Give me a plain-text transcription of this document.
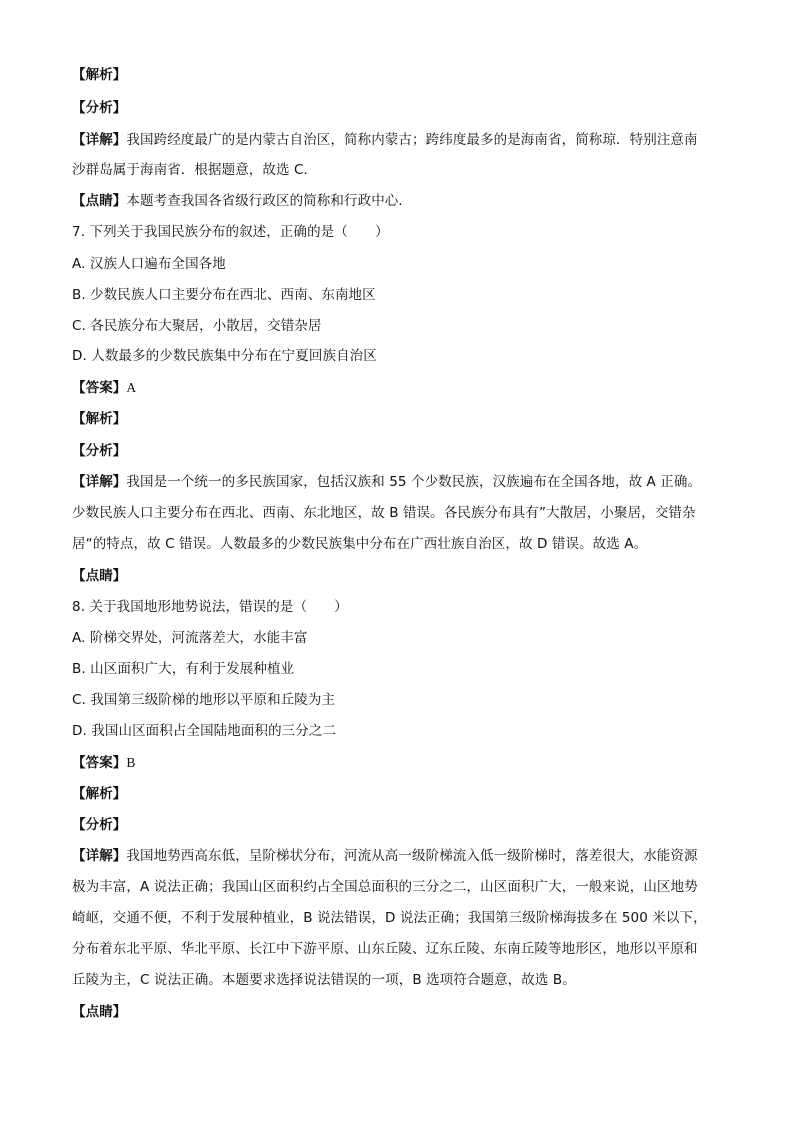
【解析】
【分析】
【详解】我国跨经度最广的是内蒙古自治区，简称内蒙古；跨纬度最多的是海南省，简称琼．特别注意南
沙群岛属于海南省．根据题意，故选 C．
【点睛】本题考查我国各省级行政区的简称和行政中心．
7. 下列关于我国民族分布的叙述，正确的是（　　）
A. 汉族人口遍布全国各地
B. 少数民族人口主要分布在西北、西南、东南地区
C. 各民族分布大聚居，小散居，交错杂居
D. 人数最多的少数民族集中分布在宁夏回族自治区
【答案】A
【解析】
【分析】
【详解】我国是一个统一的多民族国家，包括汉族和 55 个少数民族，汉族遍布在全国各地，故 A 正确。
少数民族人口主要分布在西北、西南、东北地区，故 B 错误。各民族分布具有”大散居，小聚居，交错杂
居“的特点，故 C 错误。人数最多的少数民族集中分布在广西壮族自治区，故 D 错误。故选 A。
【点睛】
8. 关于我国地形地势说法，错误的是（　　）
A. 阶梯交界处，河流落差大，水能丰富
B. 山区面积广大，有利于发展种植业
C. 我国第三级阶梯的地形以平原和丘陵为主
D. 我国山区面积占全国陆地面积的三分之二
【答案】B
【解析】
【分析】
【详解】我国地势西高东低，呈阶梯状分布，河流从高一级阶梯流入低一级阶梯时，落差很大，水能资源
极为丰富，A 说法正确；我国山区面积约占全国总面积的三分之二，山区面积广大，一般来说，山区地势
崎岖，交通不便，不利于发展种植业，B 说法错误，D 说法正确；我国第三级阶梯海拔多在 500 米以下，
分布着东北平原、华北平原、长江中下游平原、山东丘陵、辽东丘陵、东南丘陵等地形区，地形以平原和
丘陵为主，C 说法正确。本题要求选择说法错误的一项，B 选项符合题意，故选 B。
【点睛】
